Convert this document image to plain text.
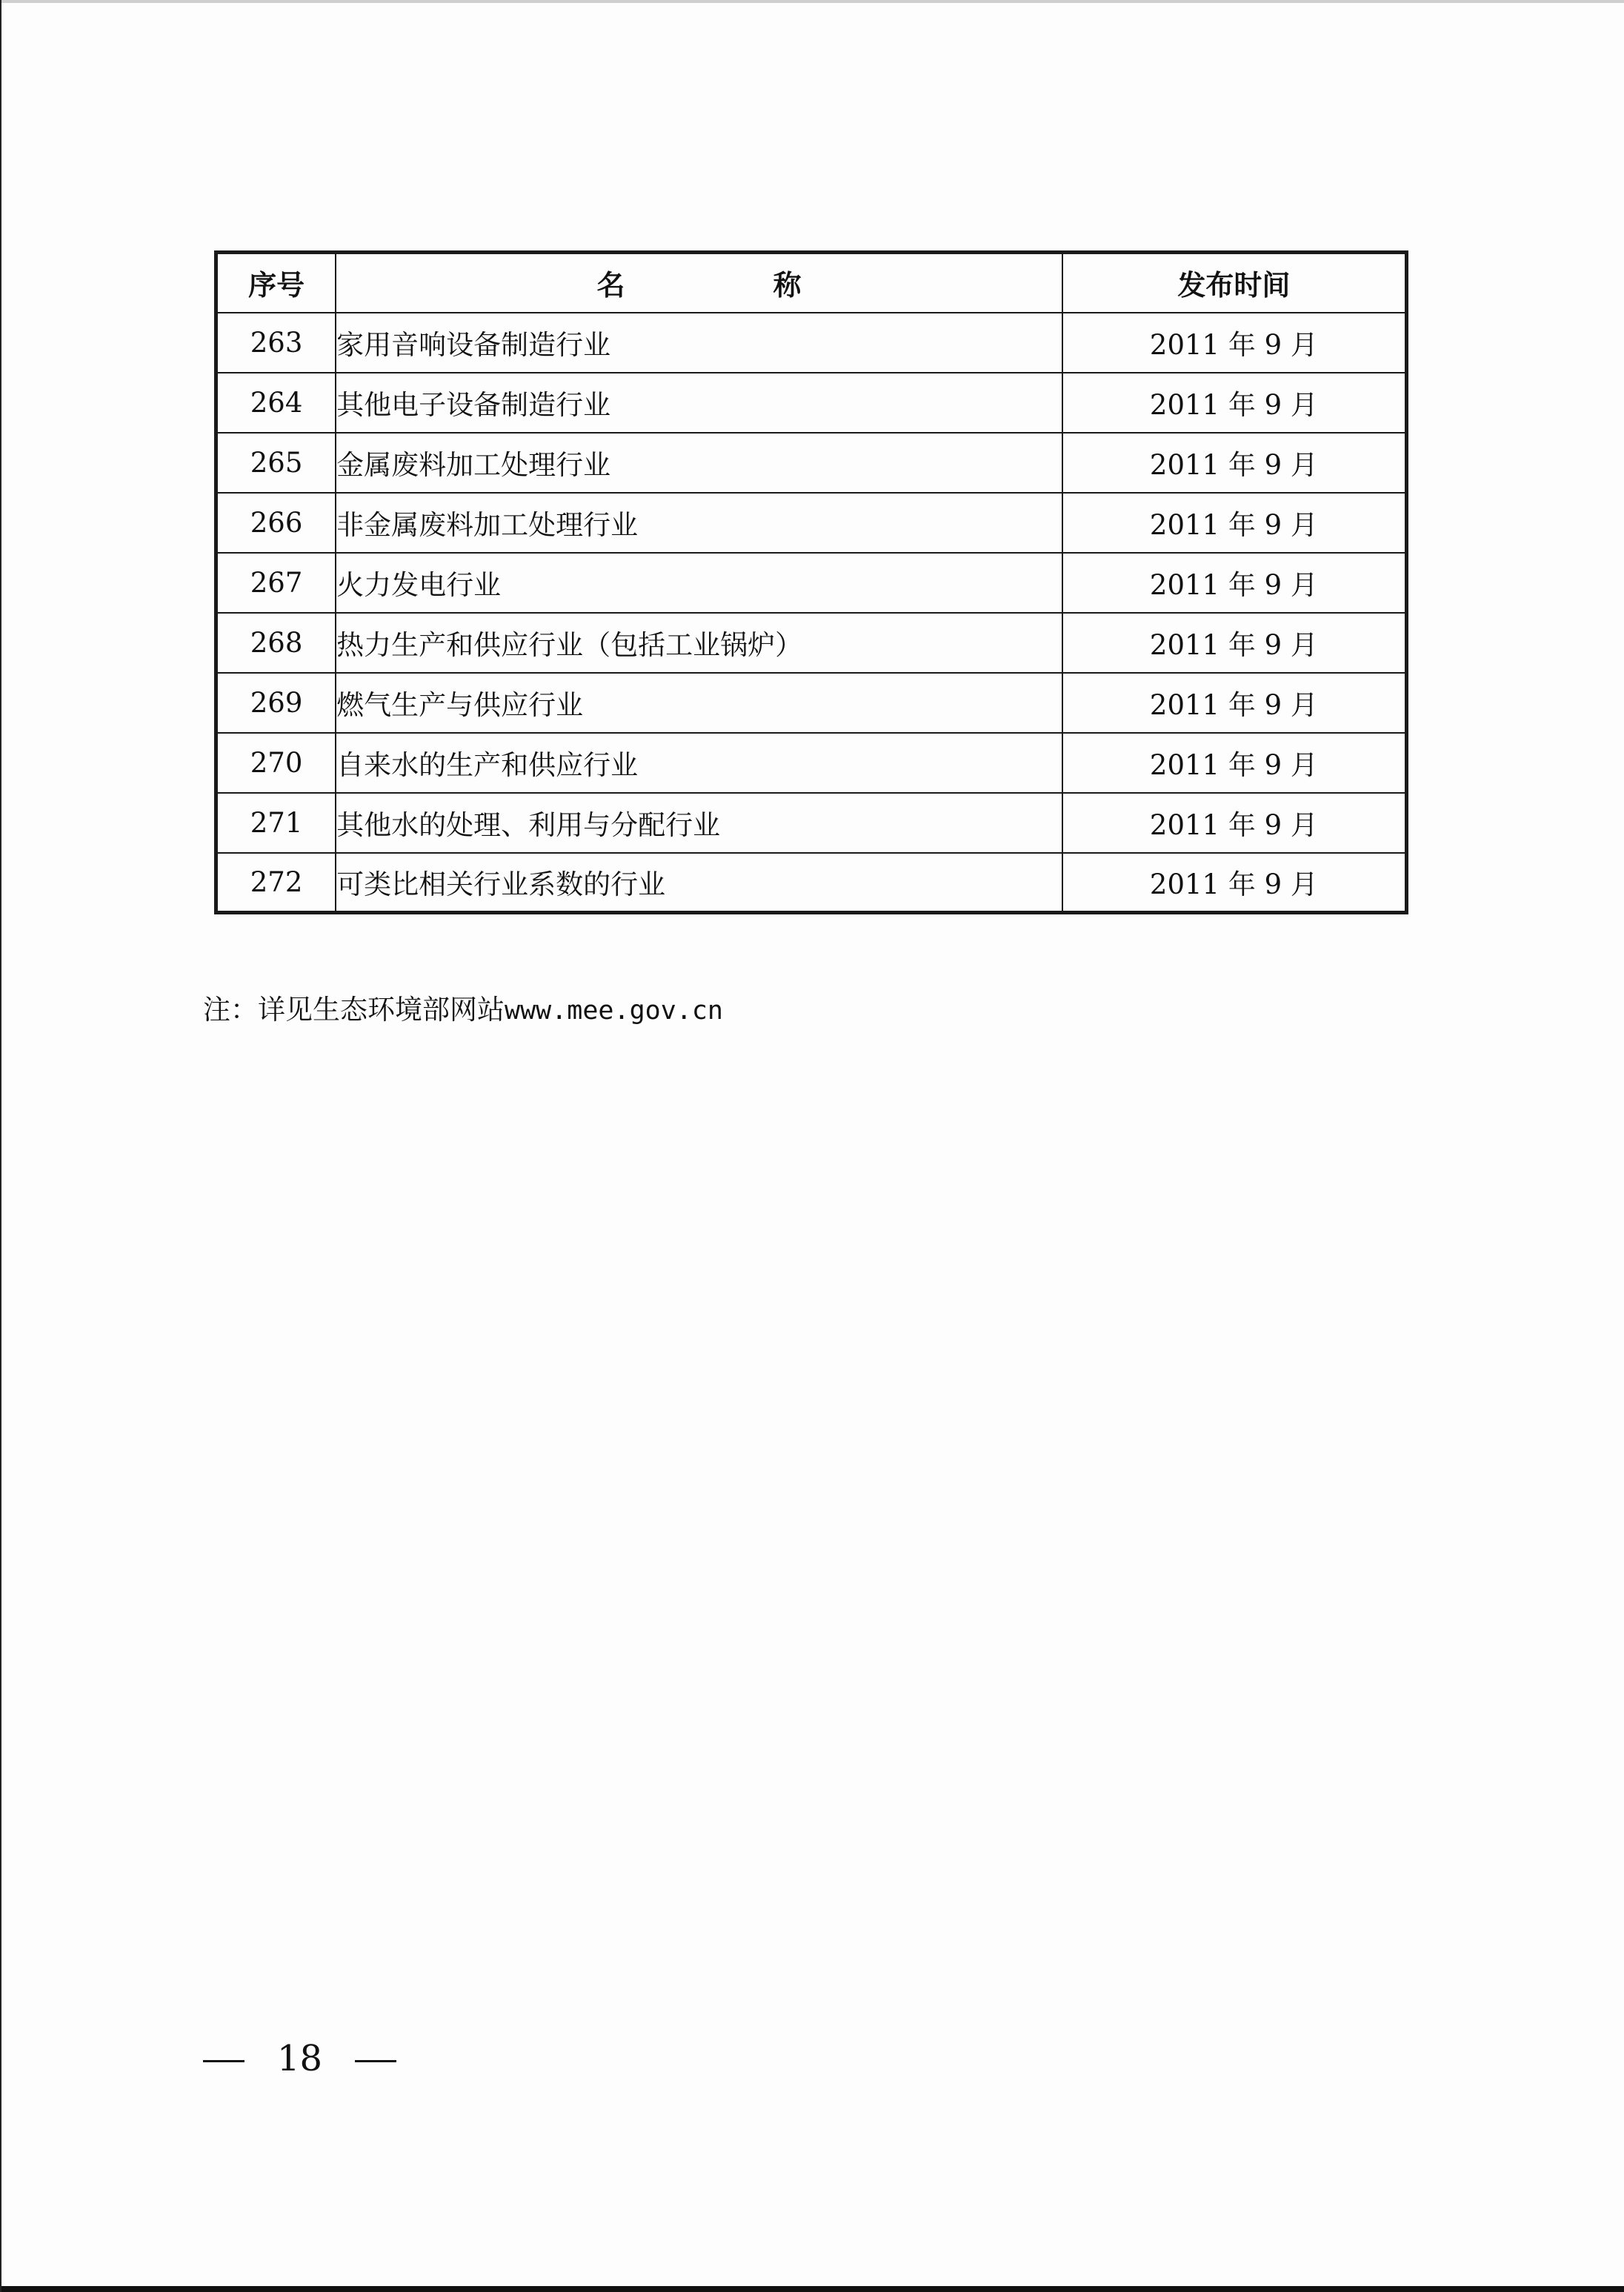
序号	名称	发布时间
263	家用音响设备制造行业	2011 年 9 月
264	其他电子设备制造行业	2011 年 9 月
265	金属废料加工处理行业	2011 年 9 月
266	非金属废料加工处理行业	2011 年 9 月
267	火力发电行业	2011 年 9 月
268	热力生产和供应行业（包括工业锅炉）	2011 年 9 月
269	燃气生产与供应行业	2011 年 9 月
270	自来水的生产和供应行业	2011 年 9 月
271	其他水的处理、利用与分配行业	2011 年 9 月
272	可类比相关行业系数的行业	2011 年 9 月
注：详见生态环境部网站www.mee.gov.cn
18
